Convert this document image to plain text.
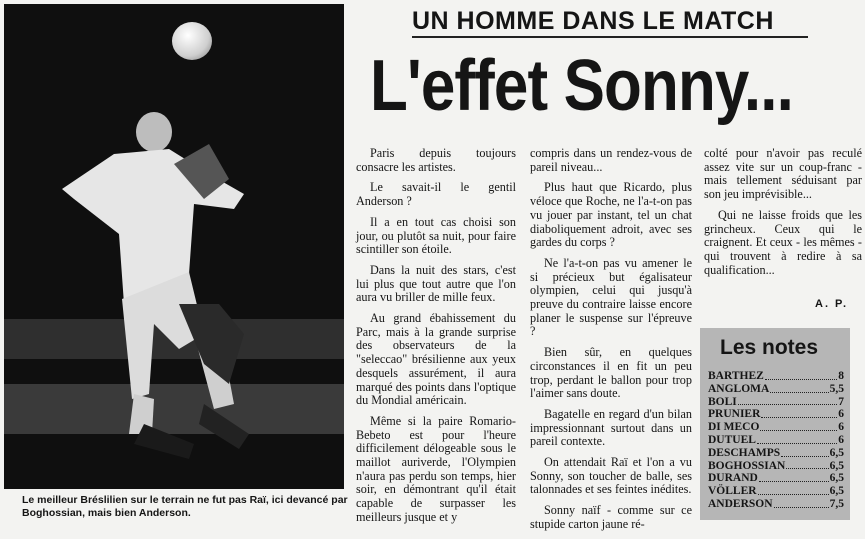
Le meilleur Bréslilien sur le terrain ne fut pas Raï, ici devancé par Boghossian, mais bien Anderson.
UN HOMME DANS LE MATCH
L'effet Sonny...

Paris depuis toujours consacre les artistes.

Le savait-il le gentil Anderson ?

Il a en tout cas choisi son jour, ou plutôt sa nuit, pour faire scintiller son étoile.

Dans la nuit des stars, c'est lui plus que tout autre que l'on aura vu briller de mille feux.

Au grand ébahissement du Parc, mais à la grande surprise des observateurs de la "seleccao" brésilienne aux yeux desquels assurément, il aura marqué des points dans l'optique du Mondial américain.

Même si la paire Romario-Bebeto est pour l'heure difficilement délogeable sous le maillot auriverde, l'Olympien n'aura pas perdu son temps, hier soir, en démontrant qu'il était capable de surpasser les meilleurs jusque et y

compris dans un rendez-vous de pareil niveau...

Plus haut que Ricardo, plus véloce que Roche, ne l'a-t-on pas vu jouer par instant, tel un chat diaboliquement adroit, avec ses gardes du corps ?

Ne l'a-t-on pas vu amener le si précieux but égalisateur olympien, celui qui jusqu'à preuve du contraire laisse encore planer le suspense sur l'épreuve ?

Bien sûr, en quelques circonstances il en fit un peu trop, perdant le ballon pour trop l'aimer sans doute.

Bagatelle en regard d'un bilan impressionnant surtout dans un pareil contexte.

On attendait Raï et l'on a vu Sonny, son toucher de balle, ses talonnades et ses feintes inédites.

Sonny naïf - comme sur ce stupide carton jaune ré-

colté pour n'avoir pas reculé assez vite sur un coup-franc - mais tellement séduisant par son jeu imprévisible...

Qui ne laisse froids que les grincheux. Ceux qui le craignent. Et ceux - les mêmes - qui trouvent à redire à sa qualification...

A. P.
Les notes
BARTHEZ	8
ANGLOMA	5,5
BOLI	7
PRUNIER	6
DI MECO	6
DUTUEL	6
DESCHAMPS	6,5
BOGHOSSIAN	6,5
DURAND	6,5
VÖLLER	6,5
ANDERSON	7,5
